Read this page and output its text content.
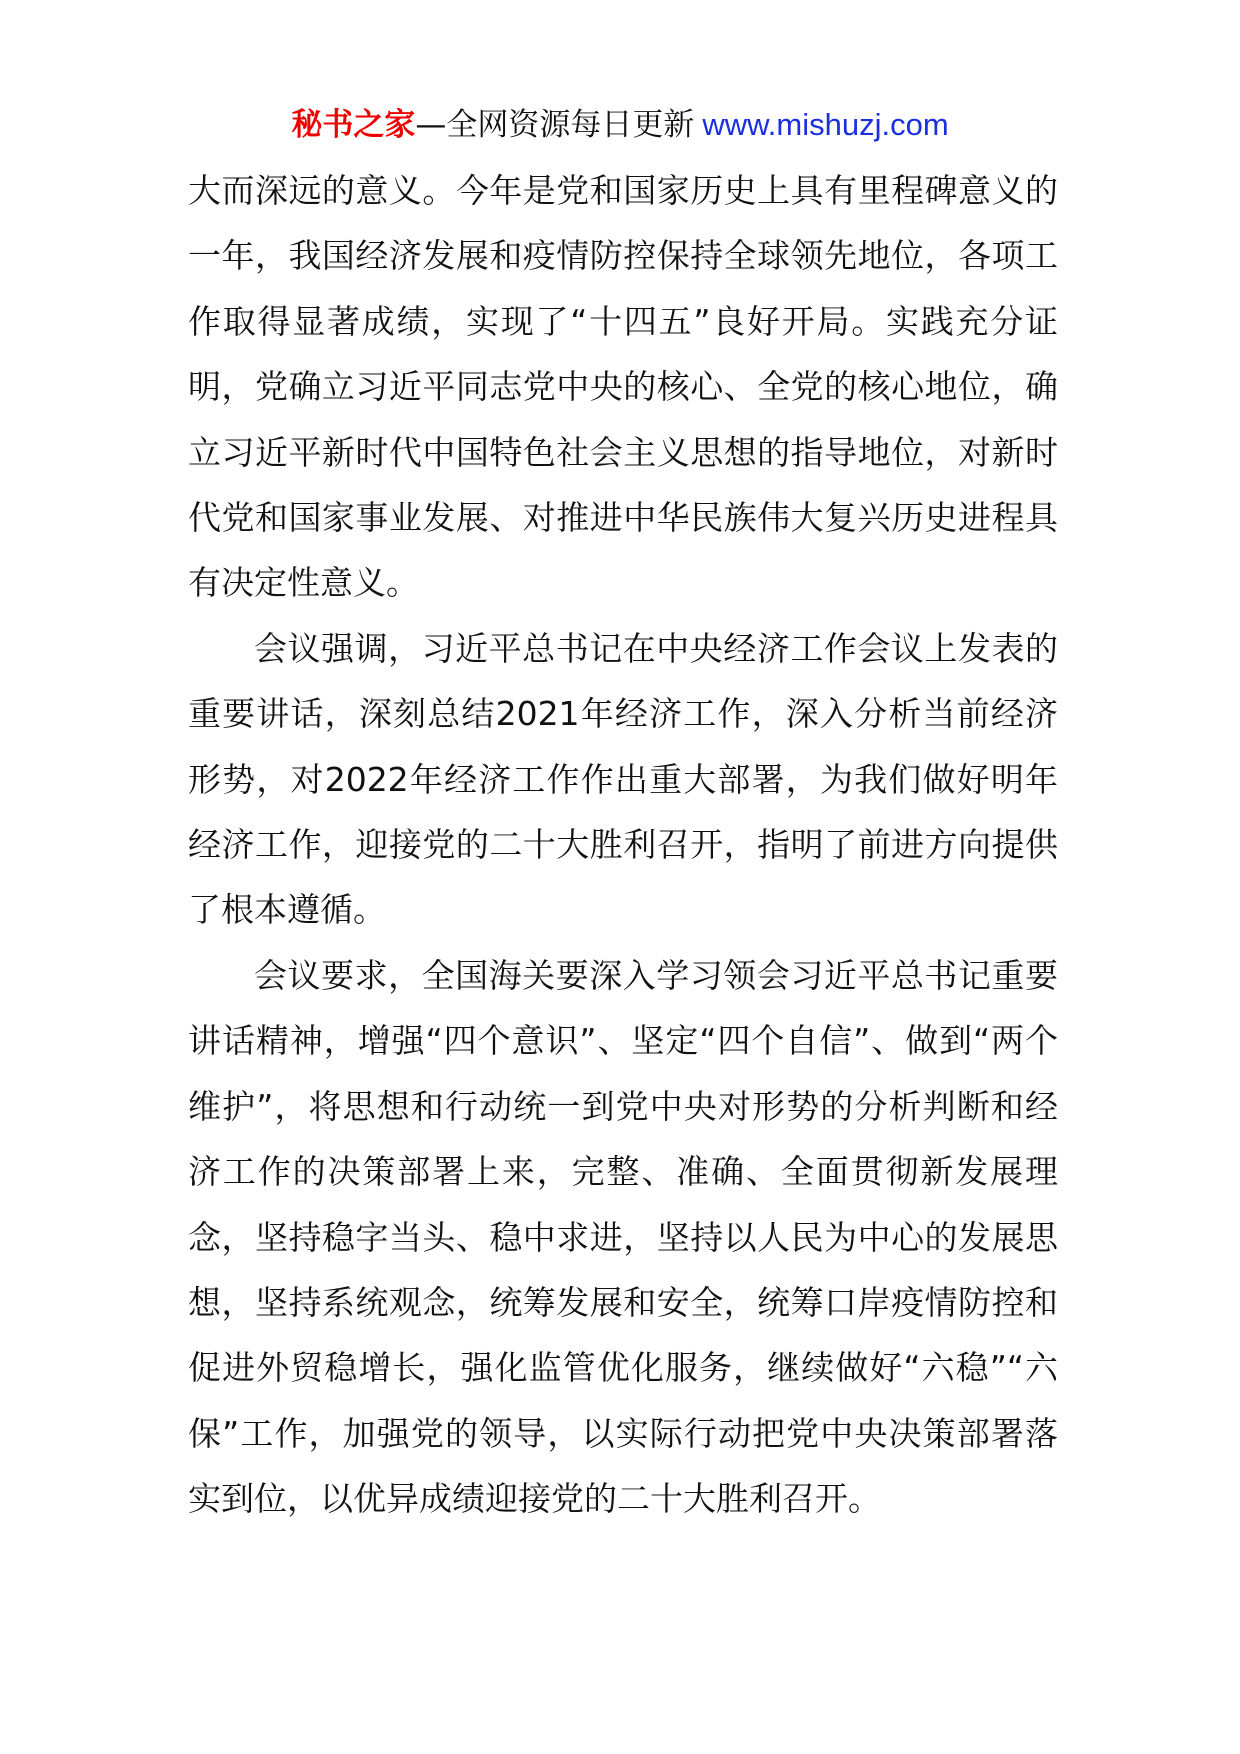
秘书之家—全网资源每日更新 www.mishuzj.com

大而深远的意义。今年是党和国家历史上具有里程碑意义的一年，我国经济发展和疫情防控保持全球领先地位，各项工作取得显著成绩，实现了“十四五”良好开局。实践充分证明，党确立习近平同志党中央的核心、全党的核心地位，确立习近平新时代中国特色社会主义思想的指导地位，对新时代党和国家事业发展、对推进中华民族伟大复兴历史进程具有决定性意义。

会议强调，习近平总书记在中央经济工作会议上发表的重要讲话，深刻总结2021年经济工作，深入分析当前经济形势，对2022年经济工作作出重大部署，为我们做好明年经济工作，迎接党的二十大胜利召开，指明了前进方向提供了根本遵循。

会议要求，全国海关要深入学习领会习近平总书记重要讲话精神，增强“四个意识”、坚定“四个自信”、做到“两个维护”，将思想和行动统一到党中央对形势的分析判断和经济工作的决策部署上来，完整、准确、全面贯彻新发展理念，坚持稳字当头、稳中求进，坚持以人民为中心的发展思想，坚持系统观念，统筹发展和安全，统筹口岸疫情防控和促进外贸稳增长，强化监管优化服务，继续做好“六稳”“六保”工作，加强党的领导，以实际行动把党中央决策部署落实到位，以优异成绩迎接党的二十大胜利召开。
